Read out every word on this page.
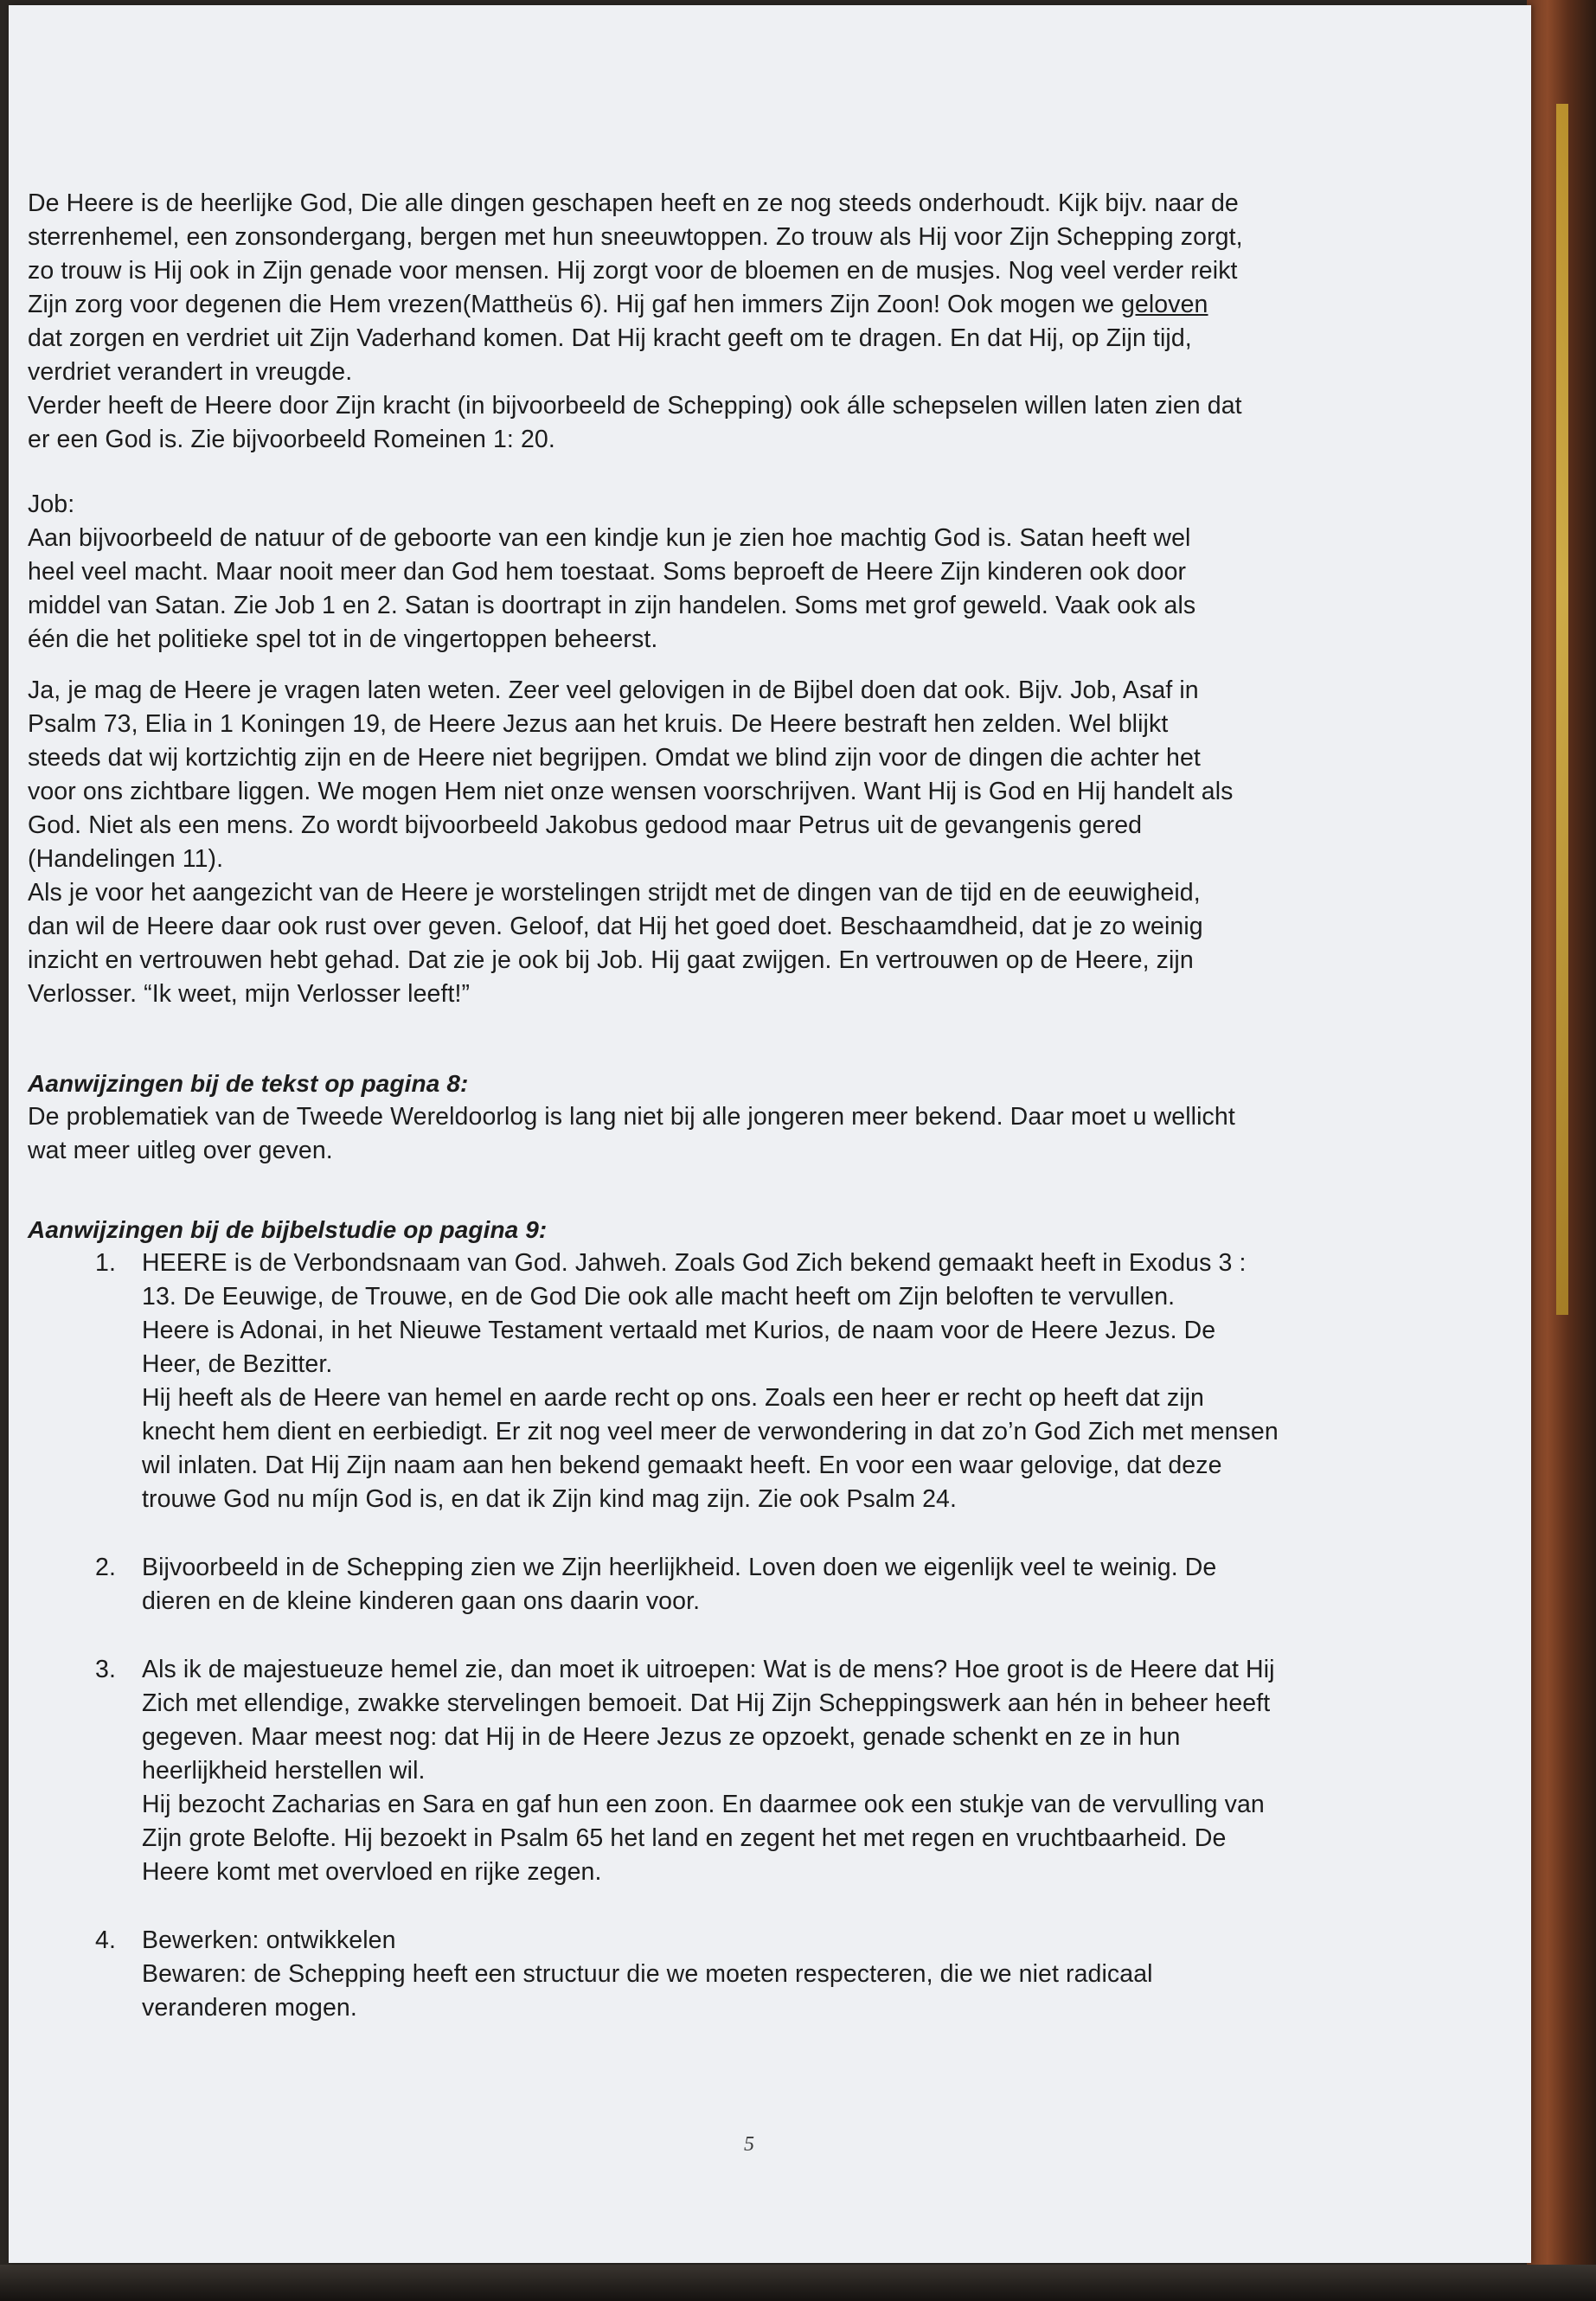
De Heere is de heerlijke God, Die alle dingen geschapen heeft en ze nog steeds onderhoudt. Kijk bijv. naar de
sterrenhemel, een zonsondergang, bergen met hun sneeuwtoppen. Zo trouw als Hij voor Zijn Schepping zorgt,
zo trouw is Hij ook in Zijn genade voor mensen. Hij zorgt voor de bloemen en de musjes. Nog veel verder reikt
Zijn zorg voor degenen die Hem vrezen(Mattheüs 6). Hij gaf hen immers Zijn Zoon! Ook mogen we geloven
dat zorgen en verdriet uit Zijn Vaderhand komen. Dat Hij kracht geeft om te dragen. En dat Hij, op Zijn tijd,
verdriet verandert in vreugde.

Verder heeft de Heere door Zijn kracht (in bijvoorbeeld de Schepping) ook álle schepselen willen laten zien dat
er een God is. Zie bijvoorbeeld Romeinen 1: 20.

Job:

Aan bijvoorbeeld de natuur of de geboorte van een kindje kun je zien hoe machtig God is. Satan heeft wel
heel veel macht. Maar nooit meer dan God hem toestaat. Soms beproeft de Heere Zijn kinderen ook door
middel van Satan. Zie Job 1 en 2. Satan is doortrapt in zijn handelen. Soms met grof geweld. Vaak ook als
één die het politieke spel tot in de vingertoppen beheerst.

Ja, je mag de Heere je vragen laten weten. Zeer veel gelovigen in de Bijbel doen dat ook. Bijv. Job, Asaf in
Psalm 73, Elia in 1 Koningen 19, de Heere Jezus aan het kruis. De Heere bestraft hen zelden. Wel blijkt
steeds dat wij kortzichtig zijn en de Heere niet begrijpen. Omdat we blind zijn voor de dingen die achter het
voor ons zichtbare liggen. We mogen Hem niet onze wensen voorschrijven. Want Hij is God en Hij handelt als
God. Niet als een mens. Zo wordt bijvoorbeeld Jakobus gedood maar Petrus uit de gevangenis gered
(Handelingen 11).

Als je voor het aangezicht van de Heere je worstelingen strijdt met de dingen van de tijd en de eeuwigheid,
dan wil de Heere daar ook rust over geven. Geloof, dat Hij het goed doet. Beschaamdheid, dat je zo weinig
inzicht en vertrouwen hebt gehad. Dat zie je ook bij Job. Hij gaat zwijgen. En vertrouwen op de Heere, zijn
Verlosser. “Ik weet, mijn Verlosser leeft!”

Aanwijzingen bij de tekst op pagina 8:

De problematiek van de Tweede Wereldoorlog is lang niet bij alle jongeren meer bekend. Daar moet u wellicht
wat meer uitleg over geven.

Aanwijzingen bij de bijbelstudie op pagina 9:

1.	HEERE is de Verbondsnaam van God. Jahweh. Zoals God Zich bekend gemaakt heeft in Exodus 3 :
13. De Eeuwige, de Trouwe, en de God Die ook alle macht heeft om Zijn beloften te vervullen.
Heere is Adonai, in het Nieuwe Testament vertaald met Kurios, de naam voor de Heere Jezus. De
Heer, de Bezitter.
Hij heeft als de Heere van hemel en aarde recht op ons. Zoals een heer er recht op heeft dat zijn
knecht hem dient en eerbiedigt. Er zit nog veel meer de verwondering in dat zo’n God Zich met mensen
wil inlaten. Dat Hij Zijn naam aan hen bekend gemaakt heeft. En voor een waar gelovige, dat deze
trouwe God nu míjn God is, en dat ik Zijn kind mag zijn. Zie ook Psalm 24.
2.	Bijvoorbeeld in de Schepping zien we Zijn heerlijkheid. Loven doen we eigenlijk veel te weinig. De
dieren en de kleine kinderen gaan ons daarin voor.
3.	Als ik de majestueuze hemel zie, dan moet ik uitroepen: Wat is de mens? Hoe groot is de Heere dat Hij
Zich met ellendige, zwakke stervelingen bemoeit. Dat Hij Zijn Scheppingswerk aan hén in beheer heeft
gegeven. Maar meest nog: dat Hij in de Heere Jezus ze opzoekt, genade schenkt en ze in hun
heerlijkheid herstellen wil.
Hij bezocht Zacharias en Sara en gaf hun een zoon. En daarmee ook een stukje van de vervulling van
Zijn grote Belofte. Hij bezoekt in Psalm 65 het land en zegent het met regen en vruchtbaarheid. De
Heere komt met overvloed en rijke zegen.
4.	Bewerken: ontwikkelen
Bewaren: de Schepping heeft een structuur die we moeten respecteren, die we niet radicaal
veranderen mogen.
5
